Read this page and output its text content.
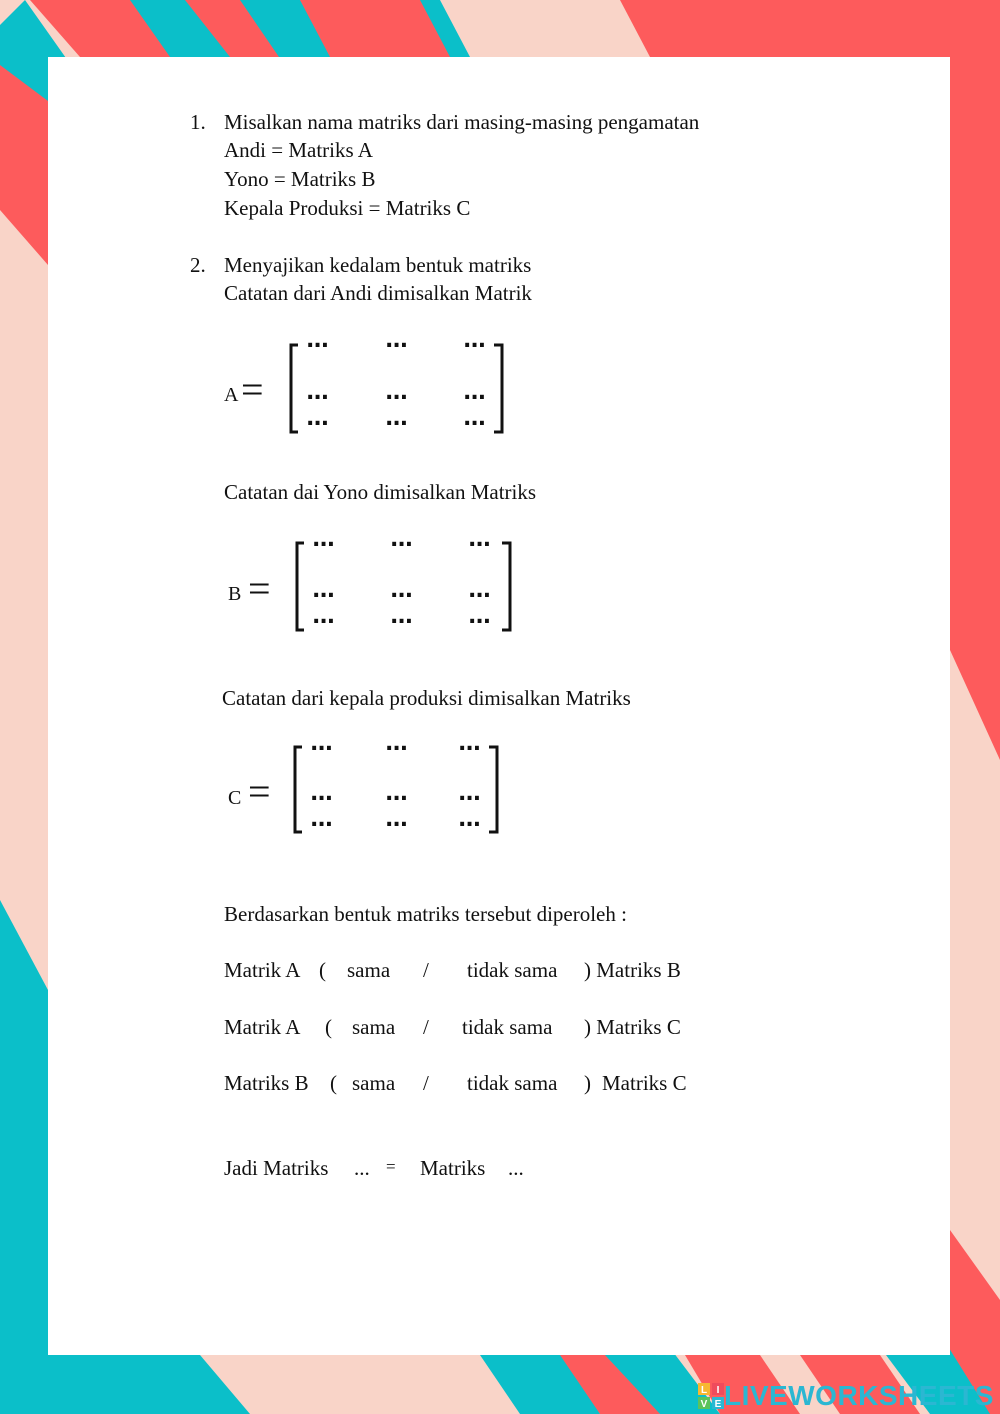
1. Misalkan nama matriks dari masing-masing pengamatan
Andi = Matriks A
Yono = Matriks B
Kepala Produksi = Matriks C
2. Menyajikan kedalam bentuk matriks
Catatan dari Andi dimisalkan Matrik
A =
...	...	...
...	...	...
...	...	...
Catatan dai Yono dimisalkan Matriks
B =
...	...	...
...	...	...
...	...	...
Catatan dari kepala produksi dimisalkan Matriks
C =
... ... ...
... ... ...
... ... ...
Berdasarkan bentuk matriks tersebut diperoleh :
Matrik A ( sama / tidak sama ) Matriks B
Matrik A ( sama / tidak sama ) Matriks C
Matriks B ( sama / tidak sama ) Matriks C
Jadi Matriks ... = Matriks ...
L I
V E LIVEWORKSHEETS
